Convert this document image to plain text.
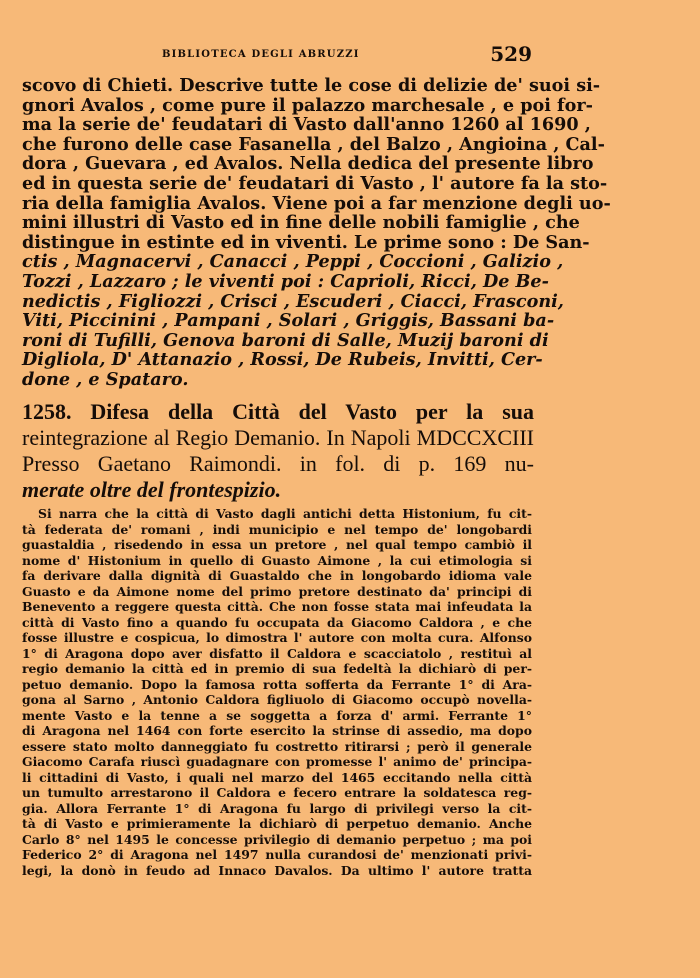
BIBLIOTECA DEGLI ABRUZZI	529
scovo di Chieti. Descrive tutte le cose di delizie de' suoi si-
gnori Avalos , come pure il palazzo marchesale , e poi for-
ma la serie de' feudatari di Vasto dall'anno 1260 al 1690 ,
che furono delle case Fasanella , del Balzo , Angioina , Cal-
dora , Guevara , ed Avalos. Nella dedica del presente libro
ed in questa serie de' feudatari di Vasto , l' autore fa la sto-
ria della famiglia Avalos. Viene poi a far menzione degli uo-
mini illustri di Vasto ed in fine delle nobili famiglie , che
distingue in estinte ed in viventi. Le prime sono : De San-
ctis , Magnacervi , Canacci , Peppi , Coccioni , Galizio ,
Tozzi , Lazzaro ; le viventi poi : Caprioli, Ricci, De Be-
nedictis , Figliozzi , Crisci , Escuderi , Ciacci, Frasconi,
Viti, Piccinini , Pampani , Solari , Griggis, Bassani ba-
roni di Tufilli, Genova baroni di Salle, Muzij baroni di
Digliola, D' Attanazio , Rossi, De Rubeis, Invitti, Cer-
done , e Spataro.
1258. Difesa della Città del Vasto per la sua
reintegrazione al Regio Demanio. In Napoli MDCCXCIII
Presso Gaetano Raimondi. in fol. di p. 169 nu-
merate oltre del frontespizio.
Si narra che la città di Vasto dagli antichi detta Histonium, fu cit-
tà federata de' romani , indi municipio e nel tempo de' longobardi
guastaldia , risedendo in essa un pretore , nel qual tempo cambiò il
nome d' Histonium in quello di Guasto Aimone , la cui etimologia si
fa derivare dalla dignità di Guastaldo che in longobardo idioma vale
Guasto e da Aimone nome del primo pretore destinato da' principi di
Benevento a reggere questa città. Che non fosse stata mai infeudata la
città di Vasto fino a quando fu occupata da Giacomo Caldora , e che
fosse illustre e cospicua, lo dimostra l' autore con molta cura. Alfonso
1° di Aragona dopo aver disfatto il Caldora e scacciatolo , restituì al
regio demanio la città ed in premio di sua fedeltà la dichiarò di per-
petuo demanio. Dopo la famosa rotta sofferta da Ferrante 1° di Ara-
gona al Sarno , Antonio Caldora figliuolo di Giacomo occupò novella-
mente Vasto e la tenne a se soggetta a forza d' armi. Ferrante 1°
di Aragona nel 1464 con forte esercito la strinse di assedio, ma dopo
essere stato molto danneggiato fu costretto ritirarsi ; però il generale
Giacomo Carafa riuscì guadagnare con promesse l' animo de' principa-
li cittadini di Vasto, i quali nel marzo del 1465 eccitando nella città
un tumulto arrestarono il Caldora e fecero entrare la soldatesca reg-
gia. Allora Ferrante 1° di Aragona fu largo di privilegi verso la cit-
tà di Vasto e primieramente la dichiarò di perpetuo demanio. Anche
Carlo 8° nel 1495 le concesse privilegio di demanio perpetuo ; ma poi
Federico 2° di Aragona nel 1497 nulla curandosi de' menzionati privi-
legi, la donò in feudo ad Innaco Davalos. Da ultimo l' autore tratta
